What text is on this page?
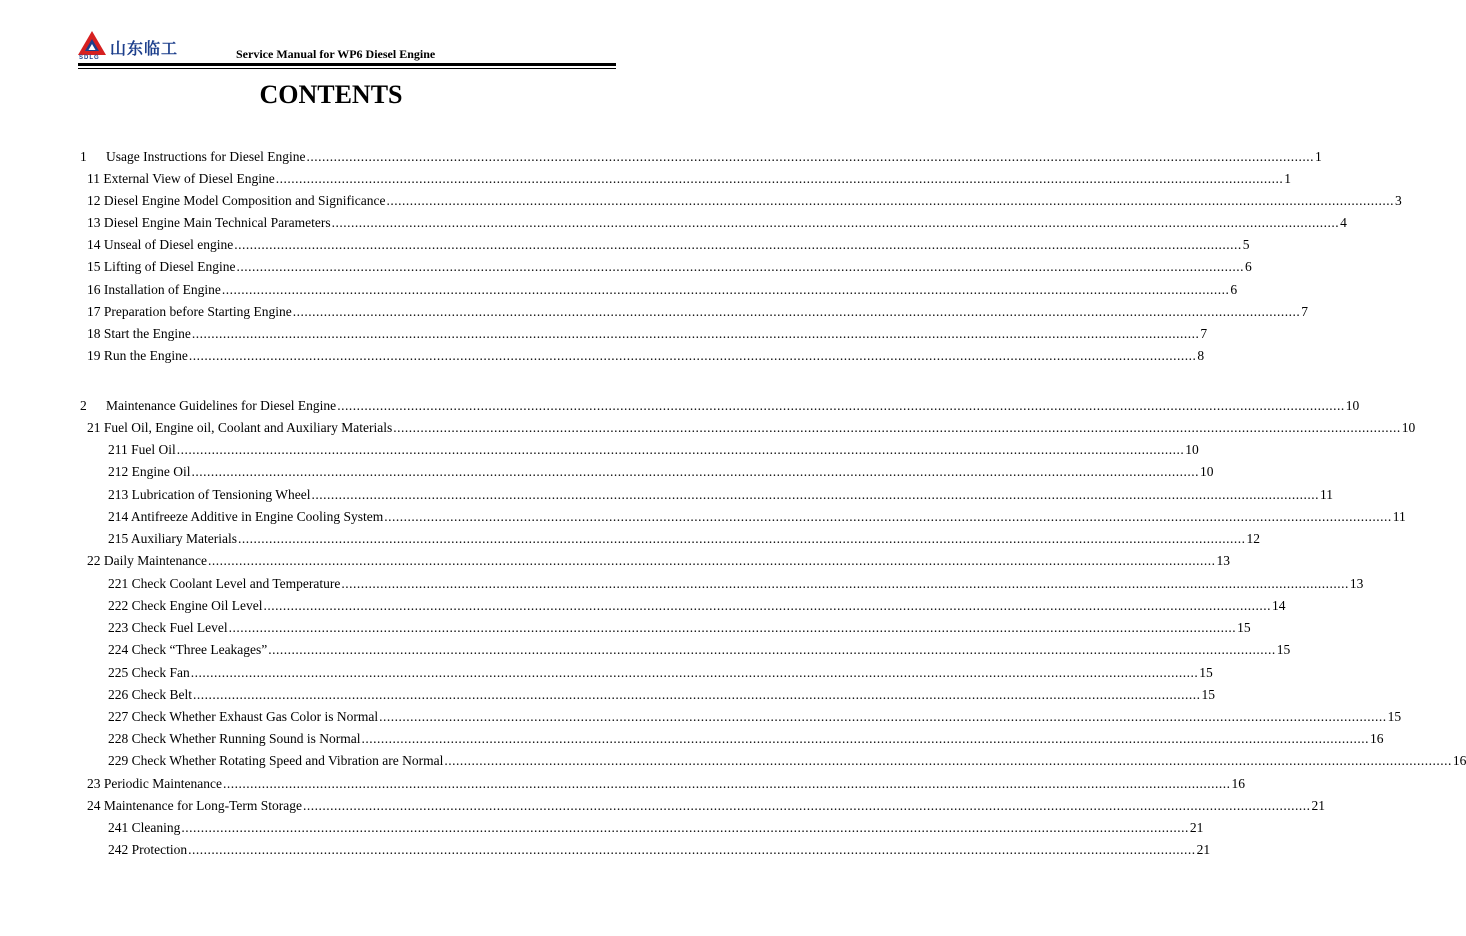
山东临工
SDLG	Service Manual for WP6 Diesel Engine
CONTENTS
1 Usage Instructions for Diesel Engine .................................................................................................................................................................................................................................................................... 1
11 External View of Diesel Engine .................................................................................................................................................................................................................................................................... 1
12 Diesel Engine Model Composition and Significance .................................................................................................................................................................................................................................................................... 3
13 Diesel Engine Main Technical Parameters .................................................................................................................................................................................................................................................................... 4
14 Unseal of Diesel engine .................................................................................................................................................................................................................................................................... 5
15 Lifting of Diesel Engine .................................................................................................................................................................................................................................................................... 6
16 Installation of Engine .................................................................................................................................................................................................................................................................... 6
17 Preparation before Starting Engine .................................................................................................................................................................................................................................................................... 7
18 Start the Engine .................................................................................................................................................................................................................................................................... 7
19 Run the Engine .................................................................................................................................................................................................................................................................... 8
2 Maintenance Guidelines for Diesel Engine .................................................................................................................................................................................................................................................................... 10
21 Fuel Oil, Engine oil, Coolant and Auxiliary Materials .................................................................................................................................................................................................................................................................... 10
211 Fuel Oil .................................................................................................................................................................................................................................................................... 10
212 Engine Oil .................................................................................................................................................................................................................................................................... 10
213 Lubrication of Tensioning Wheel .................................................................................................................................................................................................................................................................... 11
214 Antifreeze Additive in Engine Cooling System .................................................................................................................................................................................................................................................................... 11
215 Auxiliary Materials .................................................................................................................................................................................................................................................................... 12
22 Daily Maintenance .................................................................................................................................................................................................................................................................... 13
221 Check Coolant Level and Temperature .................................................................................................................................................................................................................................................................... 13
222 Check Engine Oil Level .................................................................................................................................................................................................................................................................... 14
223 Check Fuel Level .................................................................................................................................................................................................................................................................... 15
224 Check “Three Leakages” .................................................................................................................................................................................................................................................................... 15
225 Check Fan .................................................................................................................................................................................................................................................................... 15
226 Check Belt .................................................................................................................................................................................................................................................................... 15
227 Check Whether Exhaust Gas Color is Normal .................................................................................................................................................................................................................................................................... 15
228 Check Whether Running Sound is Normal .................................................................................................................................................................................................................................................................... 16
229 Check Whether Rotating Speed and Vibration are Normal .................................................................................................................................................................................................................................................................... 16
23 Periodic Maintenance .................................................................................................................................................................................................................................................................... 16
24 Maintenance for Long-Term Storage .................................................................................................................................................................................................................................................................... 21
241 Cleaning .................................................................................................................................................................................................................................................................... 21
242 Protection .................................................................................................................................................................................................................................................................... 21
